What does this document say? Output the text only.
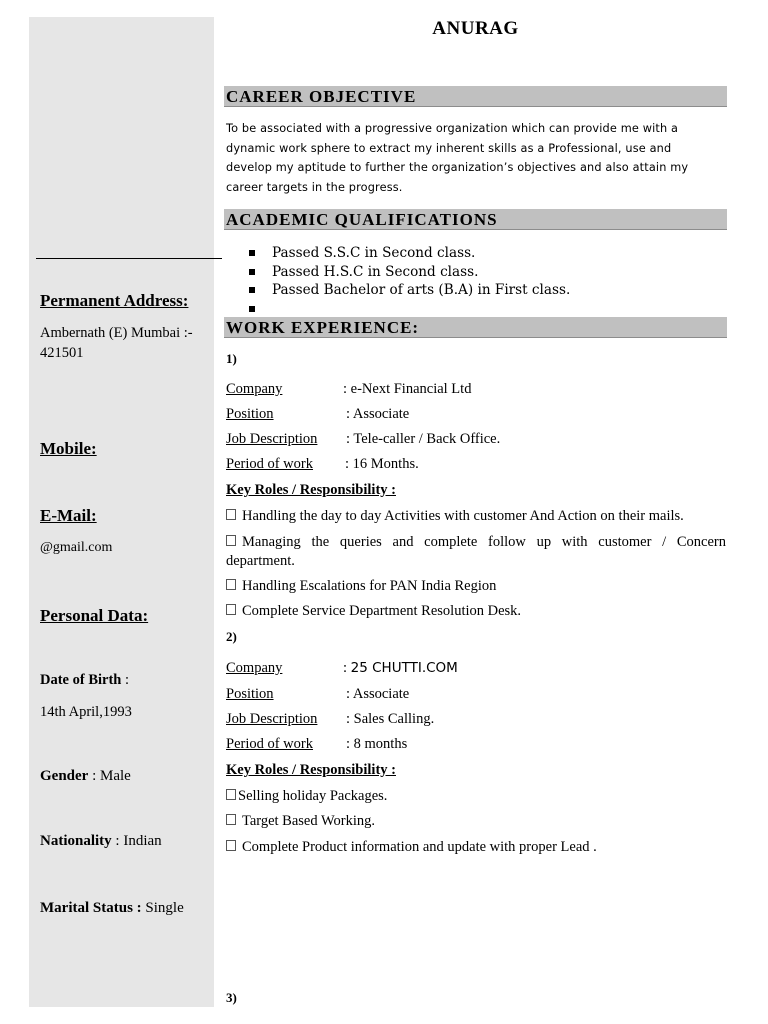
ANURAG
CAREER OBJECTIVE
To be associated with a progressive organization which can provide me with a
dynamic work sphere to extract my inherent skills as a Professional, use and
develop my aptitude to further the organization’s objectives and also attain my
career targets in the progress.
ACADEMIC QUALIFICATIONS
Passed S.S.C in Second class.
Passed H.S.C in Second class.
Passed Bachelor of arts (B.A) in First class.
WORK EXPERIENCE:
Permanent Address:
Ambernath (E) Mumbai :-
421501
Mobile:
E-Mail:
@gmail.com
Personal Data:
Date of Birth :
14th April,1993
Gender : Male
Nationality : Indian
Marital Status : Single
1)
Company	: e-Next Financial Ltd
Position	: Associate
Job Description : Tele-caller / Back Office.
Period of work : 16 Months.
Key Roles / Responsibility :
Handling the day to day Activities with customer And Action on their mails.
Managing the queries and complete follow up with customer / Concern department.
Handling Escalations for PAN India Region
Complete Service Department Resolution Desk.
2)
Company	: 25 CHUTTI.COM
Position	: Associate
Job Description : Sales Calling.
Period of work : 8 months
Key Roles / Responsibility :
Selling holiday Packages.
Target Based Working.
Complete Product information and update with proper Lead .
3)
